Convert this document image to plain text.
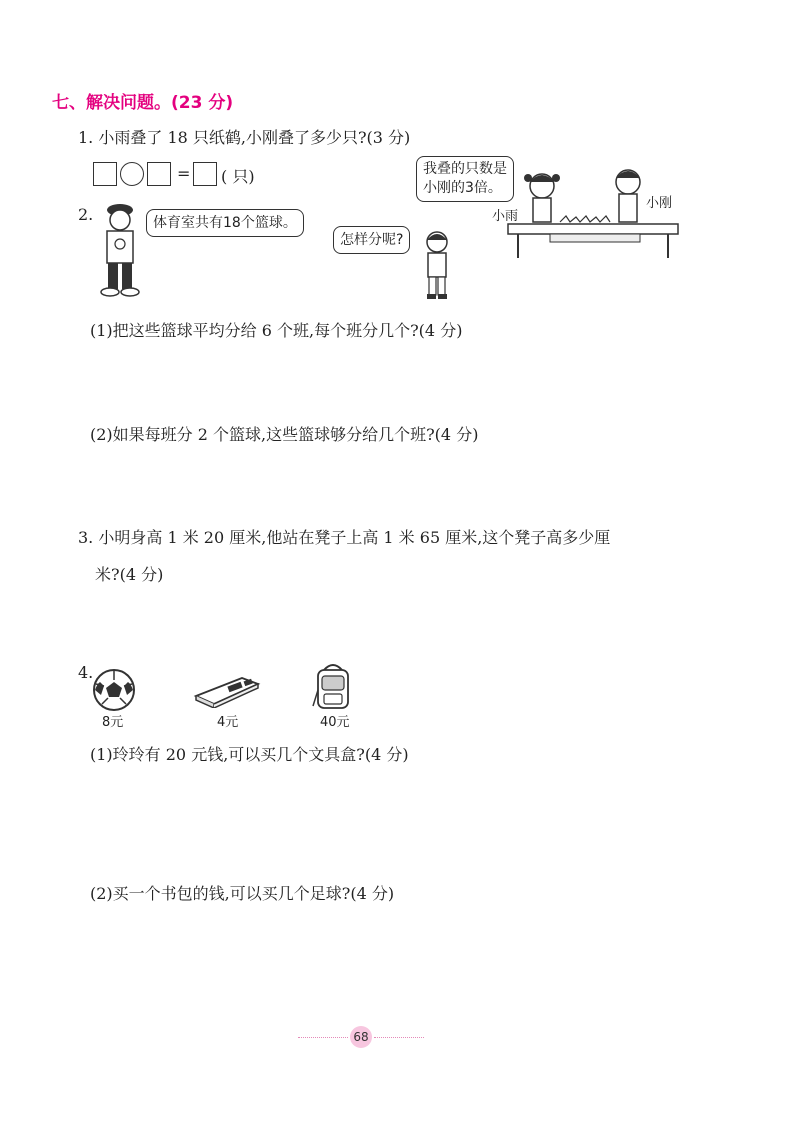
七、解决问题。(23 分)
1. 小雨叠了 18 只纸鹤,小刚叠了多少只?(3 分)
= ( 只)	我叠的只数是
小刚的3倍。
小雨
小刚
2.	体育室共有18个篮球。
怎样分呢?
(1)把这些篮球平均分给 6 个班,每个班分几个?(4 分)
(2)如果每班分 2 个篮球,这些篮球够分给几个班?(4 分)
3. 小明身高 1 米 20 厘米,他站在凳子上高 1 米 65 厘米,这个凳子高多少厘
米?(4 分)
4.
8元	4元	40元
(1)玲玲有 20 元钱,可以买几个文具盒?(4 分)
(2)买一个书包的钱,可以买几个足球?(4 分)
68
